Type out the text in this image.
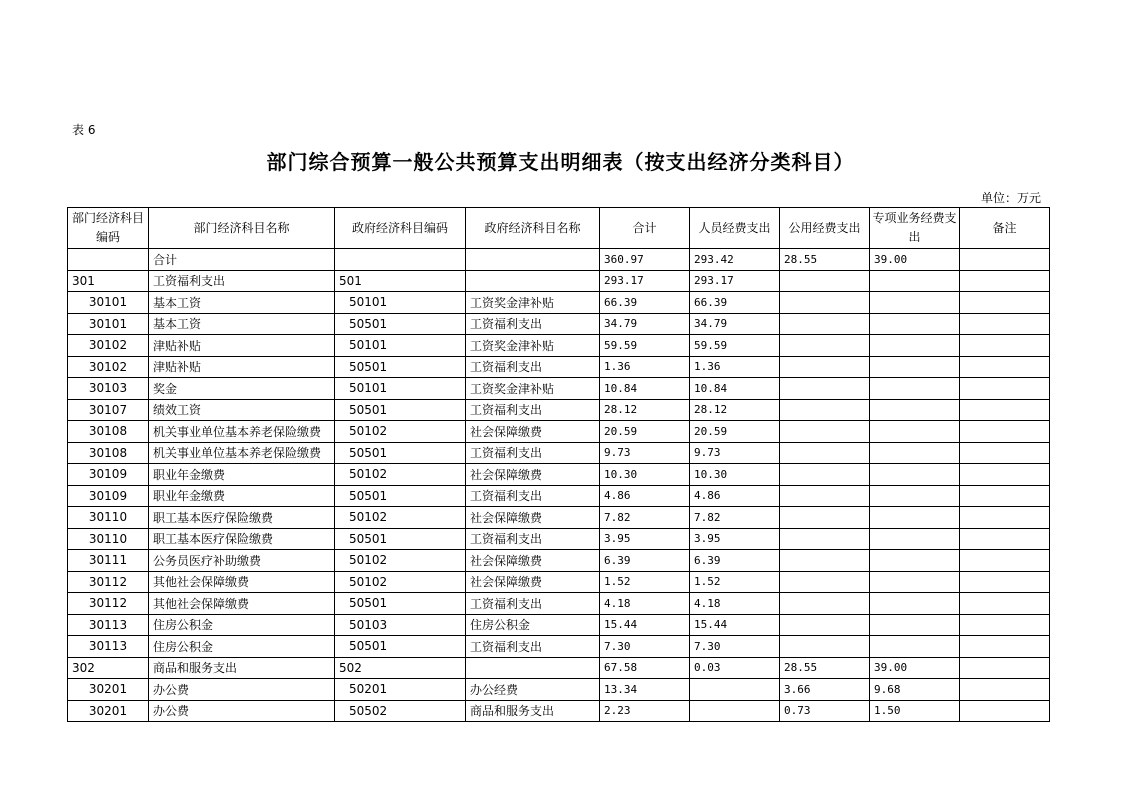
表 6
部门综合预算一般公共预算支出明细表（按支出经济分类科目）
单位：万元
部门经济科目编码	部门经济科目名称	政府经济科目编码	政府经济科目名称	合计	人员经费支出	公用经费支出	专项业务经费支出	备注
	合计			360.97	293.42	28.55	39.00	
301	工资福利支出	501		293.17	293.17			
30101	基本工资	50101	工资奖金津补贴	66.39	66.39			
30101	基本工资	50501	工资福利支出	34.79	34.79			
30102	津贴补贴	50101	工资奖金津补贴	59.59	59.59			
30102	津贴补贴	50501	工资福利支出	1.36	1.36			
30103	奖金	50101	工资奖金津补贴	10.84	10.84			
30107	绩效工资	50501	工资福利支出	28.12	28.12			
30108	机关事业单位基本养老保险缴费	50102	社会保障缴费	20.59	20.59			
30108	机关事业单位基本养老保险缴费	50501	工资福利支出	9.73	9.73			
30109	职业年金缴费	50102	社会保障缴费	10.30	10.30			
30109	职业年金缴费	50501	工资福利支出	4.86	4.86			
30110	职工基本医疗保险缴费	50102	社会保障缴费	7.82	7.82			
30110	职工基本医疗保险缴费	50501	工资福利支出	3.95	3.95			
30111	公务员医疗补助缴费	50102	社会保障缴费	6.39	6.39			
30112	其他社会保障缴费	50102	社会保障缴费	1.52	1.52			
30112	其他社会保障缴费	50501	工资福利支出	4.18	4.18			
30113	住房公积金	50103	住房公积金	15.44	15.44			
30113	住房公积金	50501	工资福利支出	7.30	7.30			
302	商品和服务支出	502		67.58	0.03	28.55	39.00	
30201	办公费	50201	办公经费	13.34		3.66	9.68	
30201	办公费	50502	商品和服务支出	2.23		0.73	1.50	
